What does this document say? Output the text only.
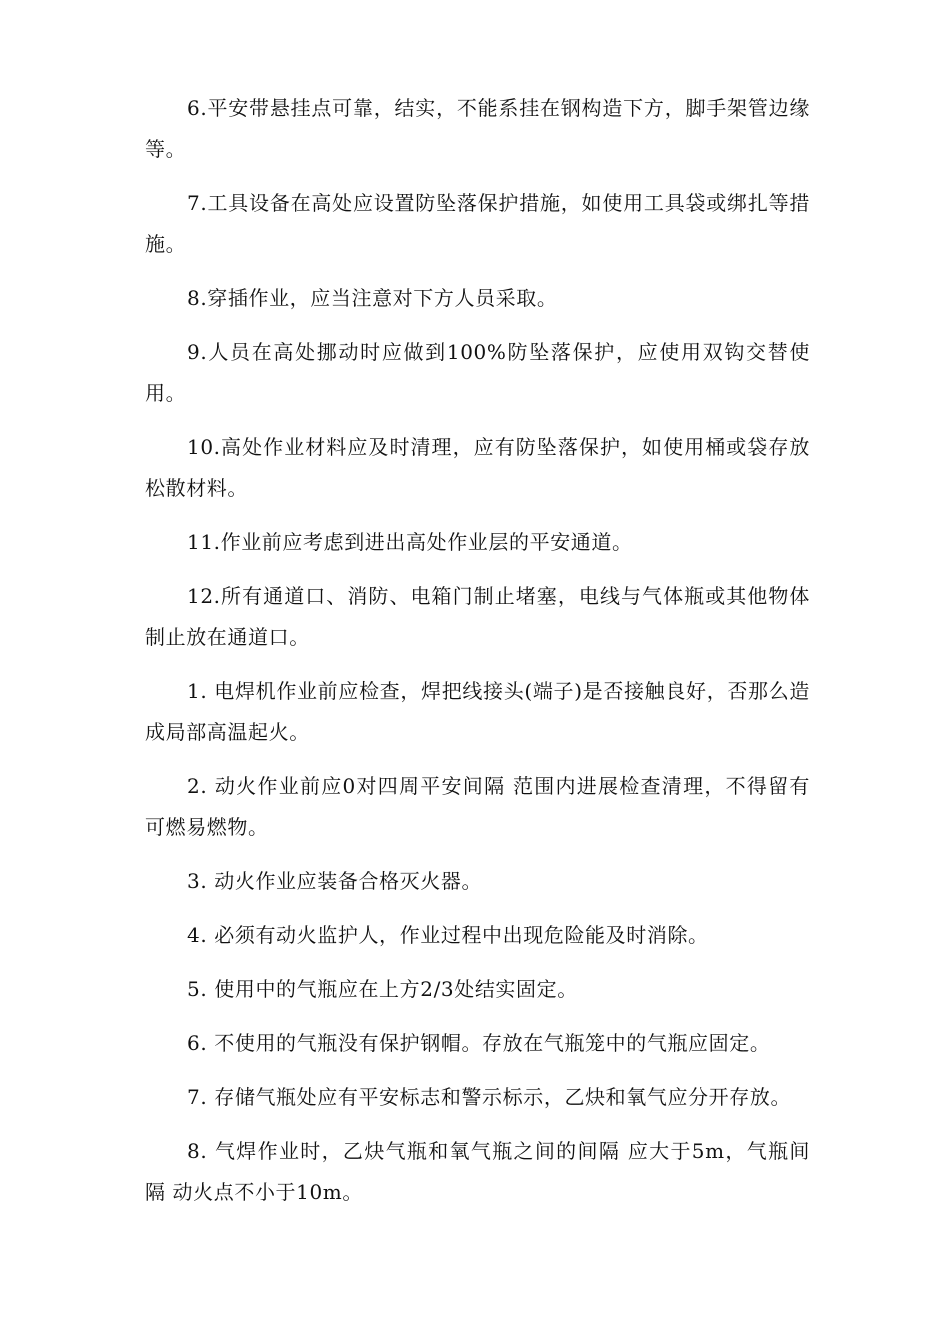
6.平安带悬挂点可靠，结实，不能系挂在钢构造下方，脚手架管边缘等。

7.工具设备在高处应设置防坠落保护措施，如使用工具袋或绑扎等措施。

8.穿插作业，应当注意对下方人员采取。

9.人员在高处挪动时应做到100%防坠落保护，应使用双钩交替使用。

10.高处作业材料应及时清理，应有防坠落保护，如使用桶或袋存放松散材料。

11.作业前应考虑到进出高处作业层的平安通道。

12.所有通道口、消防、电箱门制止堵塞，电线与气体瓶或其他物体制止放在通道口。

1. 电焊机作业前应检查，焊把线接头(端子)是否接触良好，否那么造成局部高温起火。

2. 动火作业前应0对四周平安间隔 范围内进展检查清理，不得留有可燃易燃物。

3. 动火作业应装备合格灭火器。

4. 必须有动火监护人，作业过程中出现危险能及时消除。

5. 使用中的气瓶应在上方2/3处结实固定。

6. 不使用的气瓶没有保护钢帽。存放在气瓶笼中的气瓶应固定。

7. 存储气瓶处应有平安标志和警示标示，乙炔和氧气应分开存放。

8. 气焊作业时，乙炔气瓶和氧气瓶之间的间隔 应大于5m，气瓶间隔 动火点不小于10m。
